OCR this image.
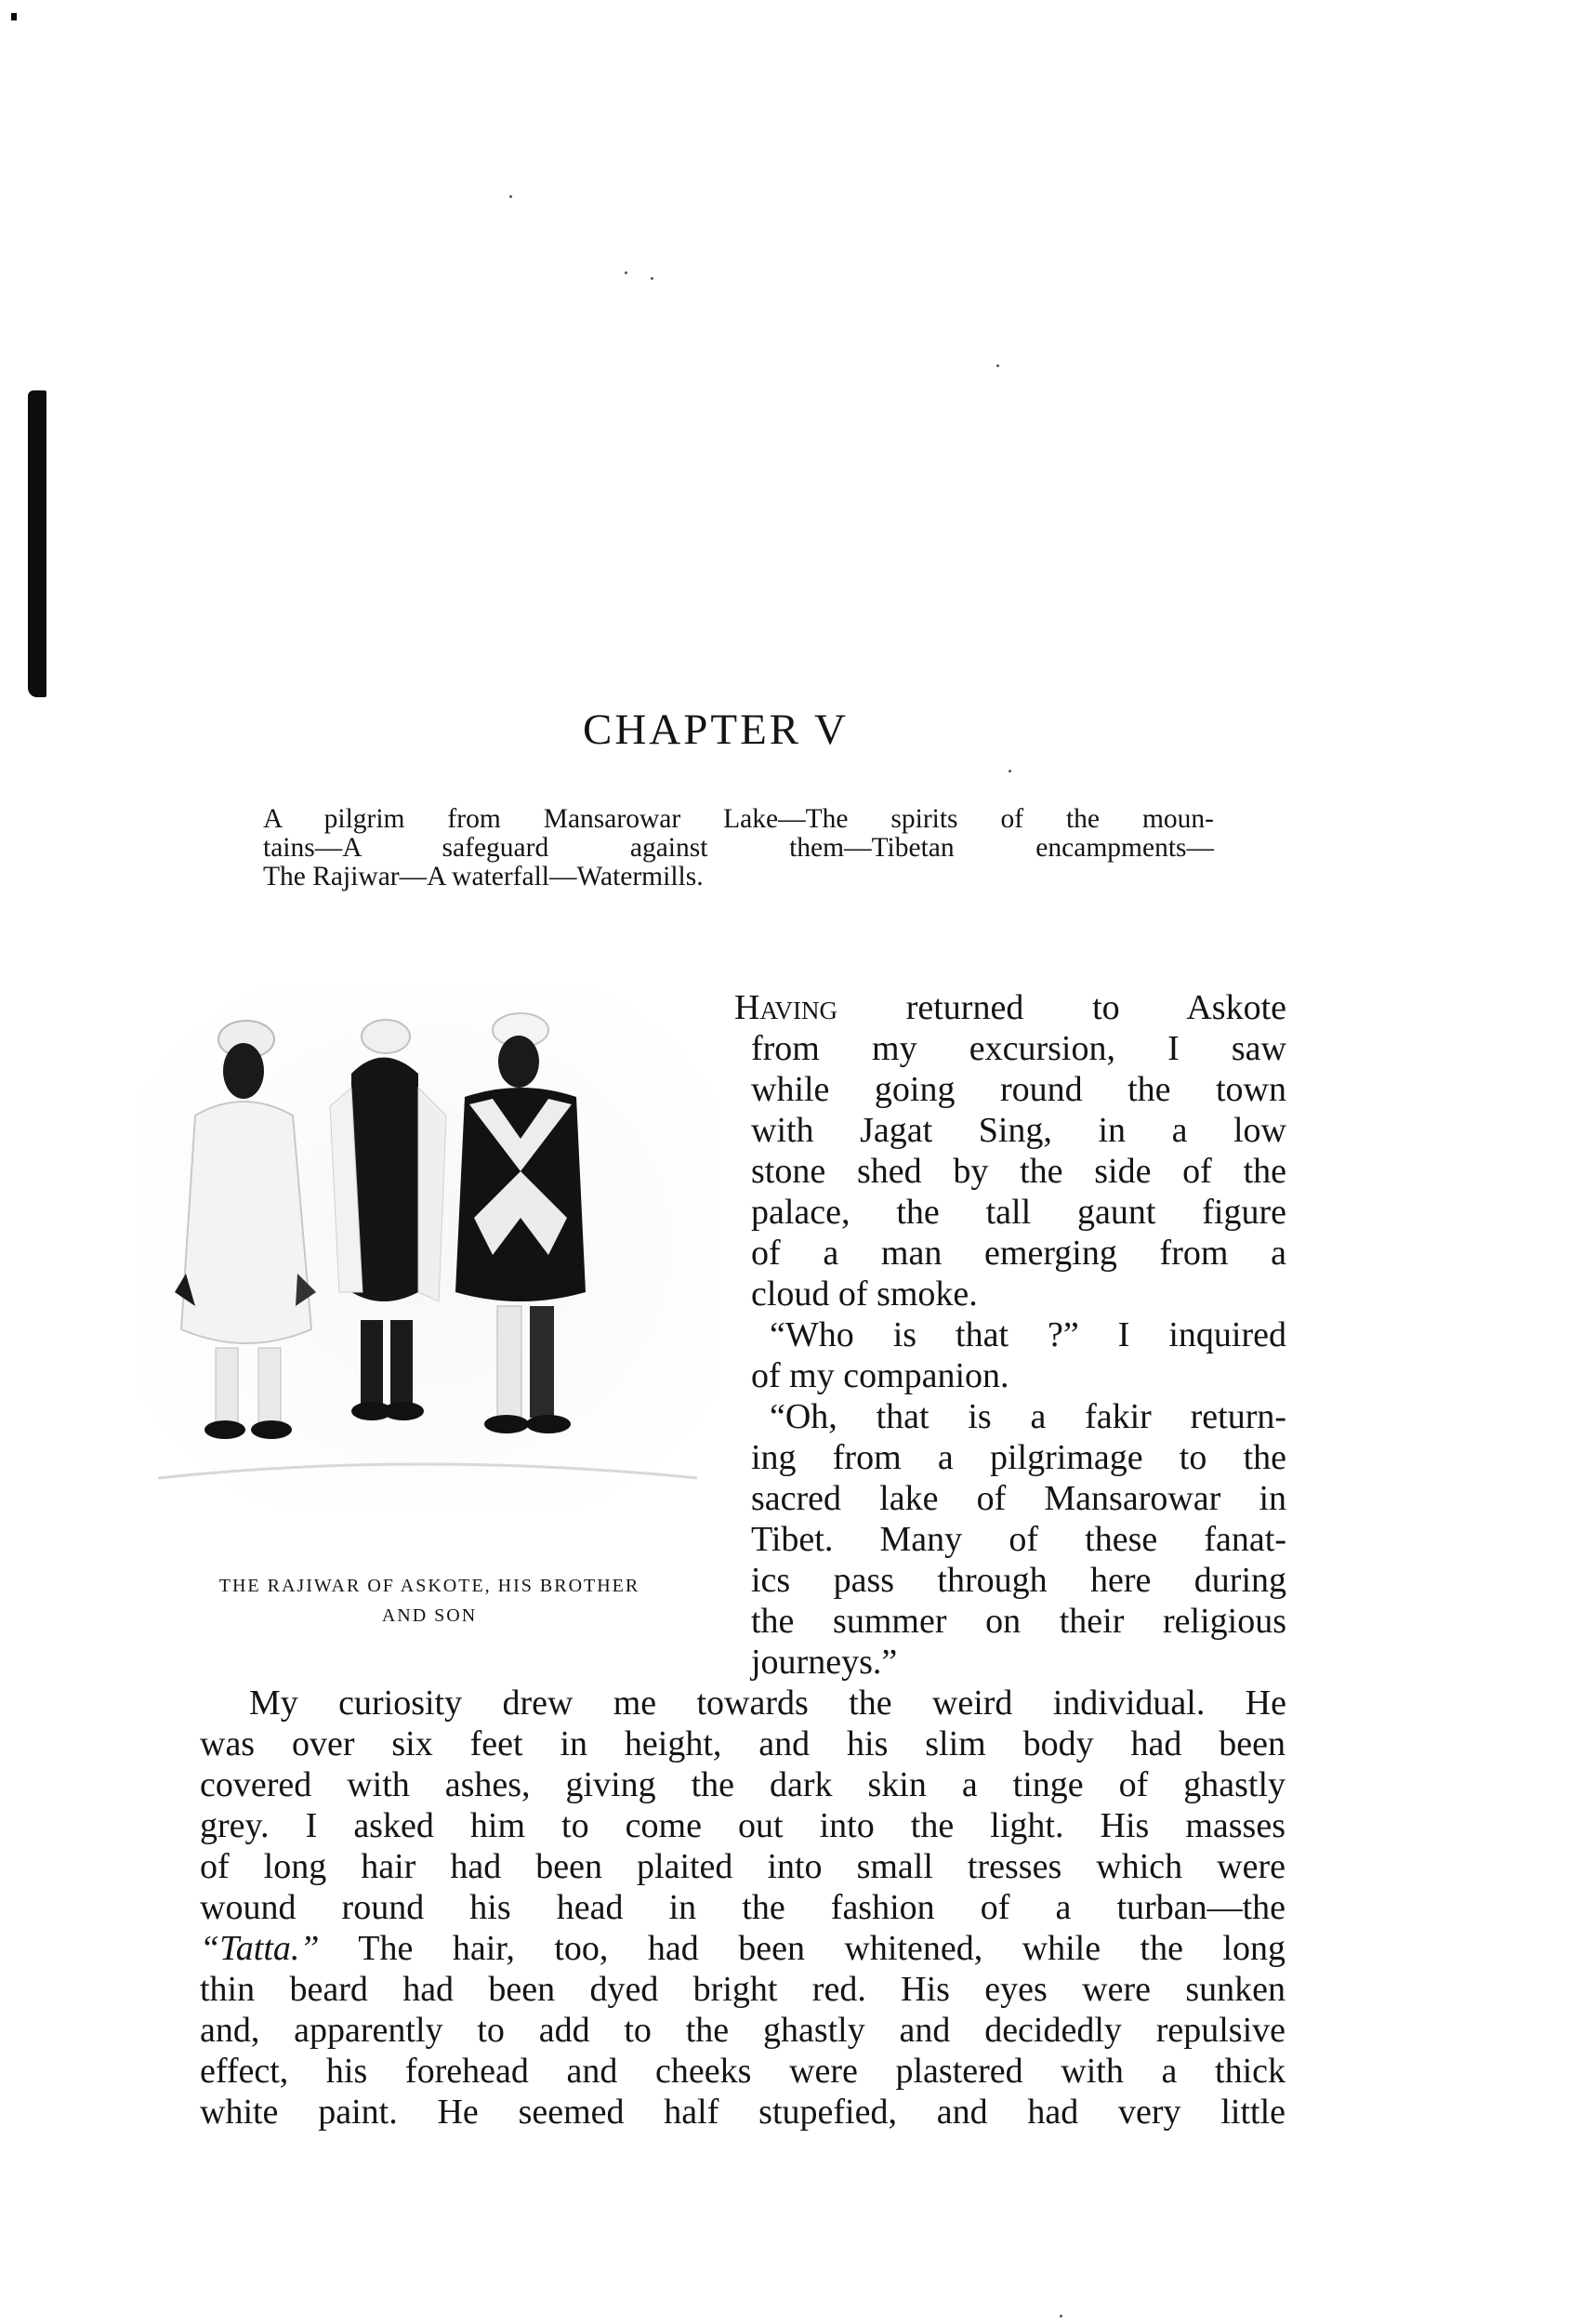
CHAPTER V
A pilgrim from Mansarowar Lake—The spirits of the moun-
tains—A safeguard against them—Tibetan encampments—
The Rajiwar—A waterfall—Watermills.
THE RAJIWAR OF ASKOTE, HIS BROTHER
AND SON

Having returned to Askote

from my excursion, I saw

while going round the town

with Jagat Sing, in a low

stone shed by the side of the

palace, the tall gaunt figure

of a man emerging from a

cloud of smoke.

“Who is that ?” I inquired

of my companion.

“Oh, that is a fakir return-

ing from a pilgrimage to the

sacred lake of Mansarowar in

Tibet. Many of these fanat-

ics pass through here during

the summer on their religious

journeys.”

My curiosity drew me towards the weird individual. He

was over six feet in height, and his slim body had been

covered with ashes, giving the dark skin a tinge of ghastly

grey. I asked him to come out into the light. His masses

of long hair had been plaited into small tresses which were

wound round his head in the fashion of a turban—the

“Tatta.” The hair, too, had been whitened, while the long

thin beard had been dyed bright red. His eyes were sunken

and, apparently to add to the ghastly and decidedly repulsive

effect, his forehead and cheeks were plastered with a thick

white paint. He seemed half stupefied, and had very little
